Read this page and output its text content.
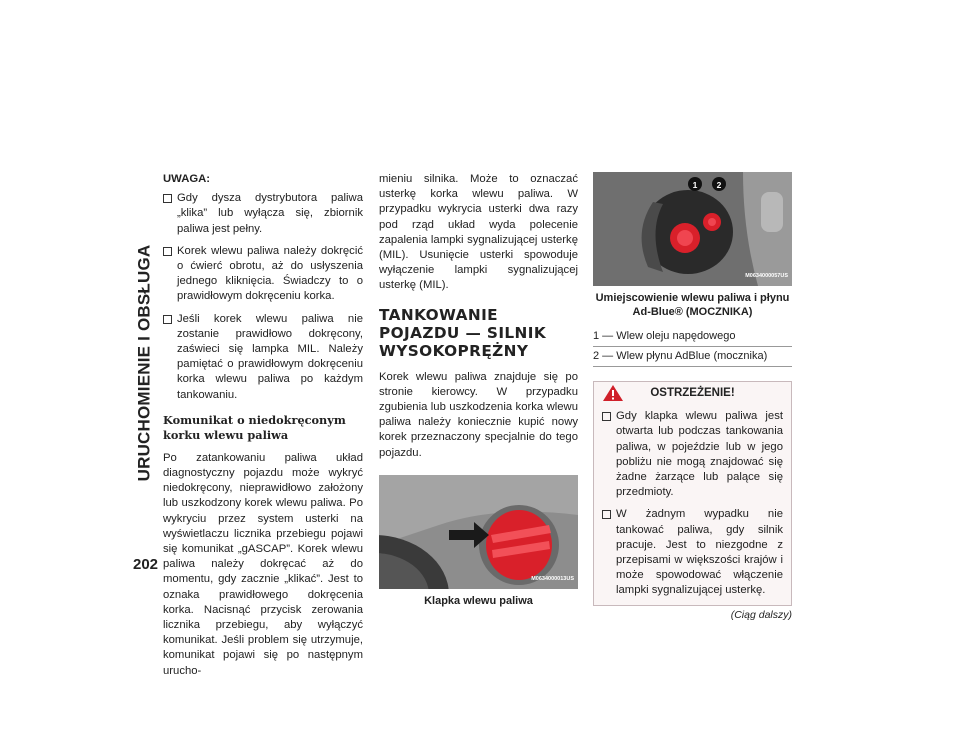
URUCHOMIENIE I OBSŁUGA
202
UWAGA:
Gdy dysza dystrybutora paliwa „klika” lub wyłącza się, zbiornik paliwa jest pełny.
Korek wlewu paliwa należy dokręcić o ćwierć obrotu, aż do usłyszenia jednego kliknięcia. Świadczy to o prawidłowym dokręceniu korka.
Jeśli korek wlewu paliwa nie zostanie prawidłowo dokręcony, zaświeci się lampka MIL. Należy pamiętać o prawidłowym dokręceniu korka wlewu paliwa po każdym tankowaniu.
Komunikat o niedokręconym korku wlewu paliwa

Po zatankowaniu paliwa układ diagnostyczny pojazdu może wykryć niedokręcony, nieprawidłowo założony lub uszkodzony korek wlewu paliwa. Po wykryciu przez system usterki na wyświetlaczu licznika przebiegu pojawi się komunikat „gASCAP”. Korek wlewu paliwa należy dokręcać aż do momentu, gdy zacznie „klikać”. Jest to oznaka prawidłowego dokręcenia korka. Nacisnąć przycisk zerowania licznika przebiegu, aby wyłączyć komunikat. Jeśli problem się utrzymuje, komunikat pojawi się po następnym urucho-

mieniu silnika. Może to oznaczać usterkę korka wlewu paliwa. W przypadku wykrycia usterki dwa razy pod rząd układ wyda polecenie zapalenia lampki sygnalizującej usterkę (MIL). Usunięcie usterki spowoduje wyłączenie lampki sygnalizującej usterkę (MIL).

TANKOWANIE POJAZDU — SILNIK WYSOKOPRĘŻNY

Korek wlewu paliwa znajduje się po stronie kierowcy. W przypadku zgubienia lub uszkodzenia korka wlewu paliwa należy koniecznie kupić nowy korek przeznaczony specjalnie do tego pojazdu.

M0634000013US
Klapka wlewu paliwa
1	2
M0634000057US
Umiejscowienie wlewu paliwa i płynu Ad-Blue® (MOCZNIKA)
1 — Wlew oleju napędowego
2 — Wlew płynu AdBlue (mocznika)
OSTRZEŻENIE!
Gdy klapka wlewu paliwa jest otwarta lub podczas tankowania paliwa, w pojeździe lub w jego pobliżu nie mogą znajdować się żadne żarzące lub palące się przedmioty.
W żadnym wypadku nie tankować paliwa, gdy silnik pracuje. Jest to niezgodne z przepisami w większości krajów i może spowodować włączenie lampki sygnalizującej usterkę.
(Ciąg dalszy)
